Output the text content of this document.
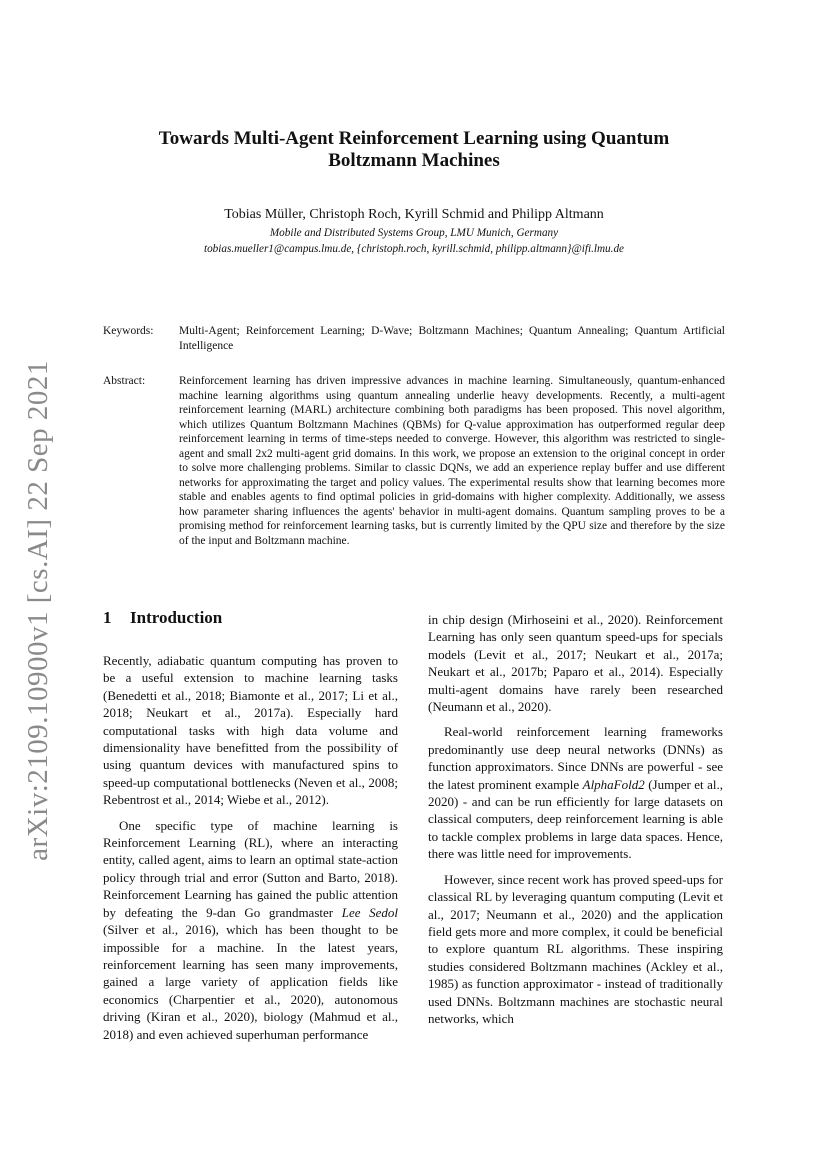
arXiv:2109.10900v1 [cs.AI] 22 Sep 2021
Towards Multi-Agent Reinforcement Learning using Quantum
Boltzmann Machines
Tobias Müller, Christoph Roch, Kyrill Schmid and Philipp Altmann
Mobile and Distributed Systems Group, LMU Munich, Germany
tobias.mueller1@campus.lmu.de, {christoph.roch, kyrill.schmid, philipp.altmann}@ifi.lmu.de
Keywords: Multi-Agent; Reinforcement Learning; D-Wave; Boltzmann Machines; Quantum Annealing; Quantum Artificial Intelligence
Abstract:	Reinforcement learning has driven impressive advances in machine learning. Simultaneously, quantum-enhanced machine learning algorithms using quantum annealing underlie heavy developments. Recently, a multi-agent reinforcement learning (MARL) architecture combining both paradigms has been proposed. This novel algorithm, which utilizes Quantum Boltzmann Machines (QBMs) for Q-value approximation has outperformed regular deep reinforcement learning in terms of time-steps needed to converge. However, this algorithm was restricted to single-agent and small 2x2 multi-agent grid domains. In this work, we propose an extension to the original concept in order to solve more challenging problems. Similar to classic DQNs, we add an experience replay buffer and use different networks for approximating the target and policy values. The experimental results show that learning becomes more stable and enables agents to find optimal policies in grid-domains with higher complexity. Additionally, we assess how parameter sharing influences the agents' behavior in multi-agent domains. Quantum sampling proves to be a promising method for reinforcement learning tasks, but is currently limited by the QPU size and therefore by the size of the input and Boltzmann machine.
1 Introduction

Recently, adiabatic quantum computing has proven to be a useful extension to machine learning tasks (Benedetti et al., 2018; Biamonte et al., 2017; Li et al., 2018; Neukart et al., 2017a). Especially hard computational tasks with high data volume and dimensionality have benefitted from the possibility of using quantum devices with manufactured spins to speed-up computational bottlenecks (Neven et al., 2008; Rebentrost et al., 2014; Wiebe et al., 2012).

One specific type of machine learning is Reinforcement Learning (RL), where an interacting entity, called agent, aims to learn an optimal state-action policy through trial and error (Sutton and Barto, 2018). Reinforcement Learning has gained the public attention by defeating the 9-dan Go grandmaster Lee Sedol (Silver et al., 2016), which has been thought to be impossible for a machine. In the latest years, reinforcement learning has seen many improvements, gained a large variety of application fields like economics (Charpentier et al., 2020), autonomous driving (Kiran et al., 2020), biology (Mahmud et al., 2018) and even achieved superhuman performance

in chip design (Mirhoseini et al., 2020). Reinforcement Learning has only seen quantum speed-ups for specials models (Levit et al., 2017; Neukart et al., 2017a; Neukart et al., 2017b; Paparo et al., 2014). Especially multi-agent domains have rarely been researched (Neumann et al., 2020).

Real-world reinforcement learning frameworks predominantly use deep neural networks (DNNs) as function approximators. Since DNNs are powerful - see the latest prominent example AlphaFold2 (Jumper et al., 2020) - and can be run efficiently for large datasets on classical computers, deep reinforcement learning is able to tackle complex problems in large data spaces. Hence, there was little need for improvements.

However, since recent work has proved speed-ups for classical RL by leveraging quantum computing (Levit et al., 2017; Neumann et al., 2020) and the application field gets more and more complex, it could be beneficial to explore quantum RL algorithms. These inspiring studies considered Boltzmann machines (Ackley et al., 1985) as function approximator - instead of traditionally used DNNs. Boltzmann machines are stochastic neural networks, which
